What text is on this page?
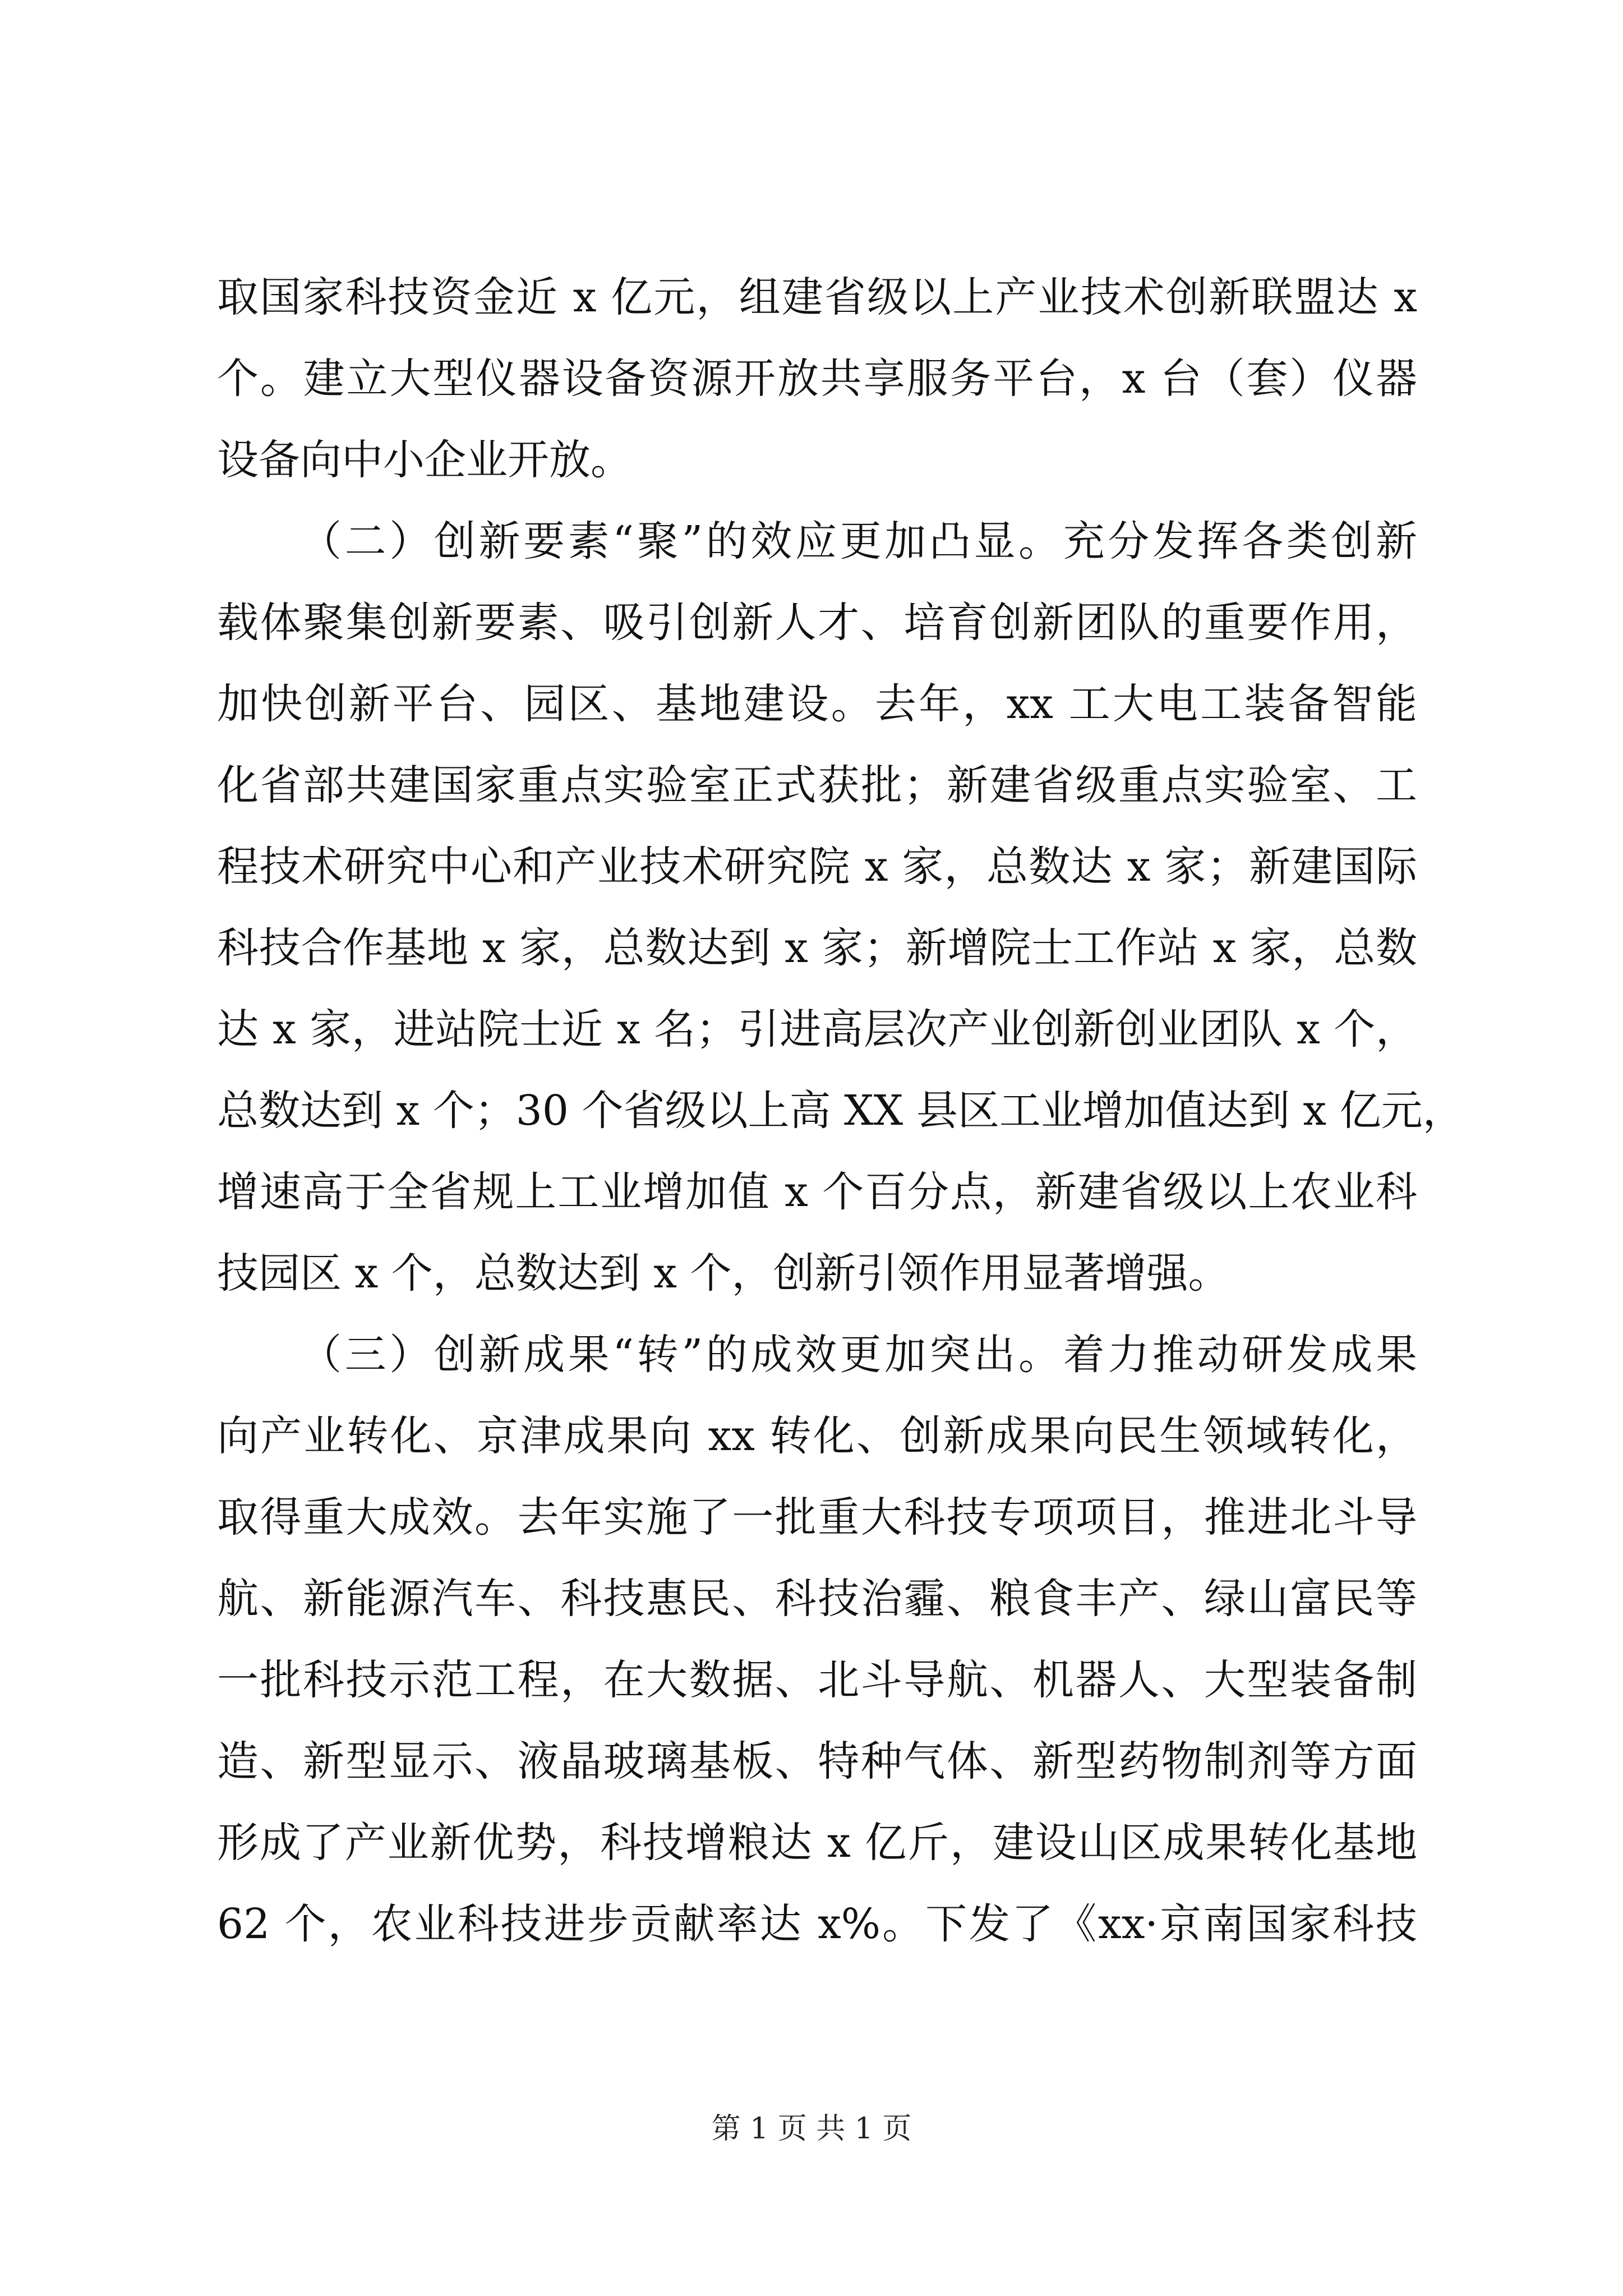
取国家科技资金近 x 亿元，组建省级以上产业技术创新联盟达 x
个。建立大型仪器设备资源开放共享服务平台，x 台（套）仪器
设备向中小企业开放。
（二）创新要素“聚”的效应更加凸显。充分发挥各类创新
载体聚集创新要素、吸引创新人才、培育创新团队的重要作用，
加快创新平台、园区、基地建设。去年，xx 工大电工装备智能
化省部共建国家重点实验室正式获批；新建省级重点实验室、工
程技术研究中心和产业技术研究院 x 家，总数达 x 家；新建国际
科技合作基地 x 家，总数达到 x 家；新增院士工作站 x 家，总数
达 x 家，进站院士近 x 名；引进高层次产业创新创业团队 x 个，
总数达到 x 个；30 个省级以上高 XX 县区工业增加值达到 x 亿元，
增速高于全省规上工业增加值 x 个百分点，新建省级以上农业科
技园区 x 个，总数达到 x 个，创新引领作用显著增强。
（三）创新成果“转”的成效更加突出。着力推动研发成果
向产业转化、京津成果向 xx 转化、创新成果向民生领域转化，
取得重大成效。去年实施了一批重大科技专项项目，推进北斗导
航、新能源汽车、科技惠民、科技治霾、粮食丰产、绿山富民等
一批科技示范工程，在大数据、北斗导航、机器人、大型装备制
造、新型显示、液晶玻璃基板、特种气体、新型药物制剂等方面
形成了产业新优势，科技增粮达 x 亿斤，建设山区成果转化基地
62 个，农业科技进步贡献率达 x%。下发了《xx·京南国家科技
第 1 页 共 1 页
